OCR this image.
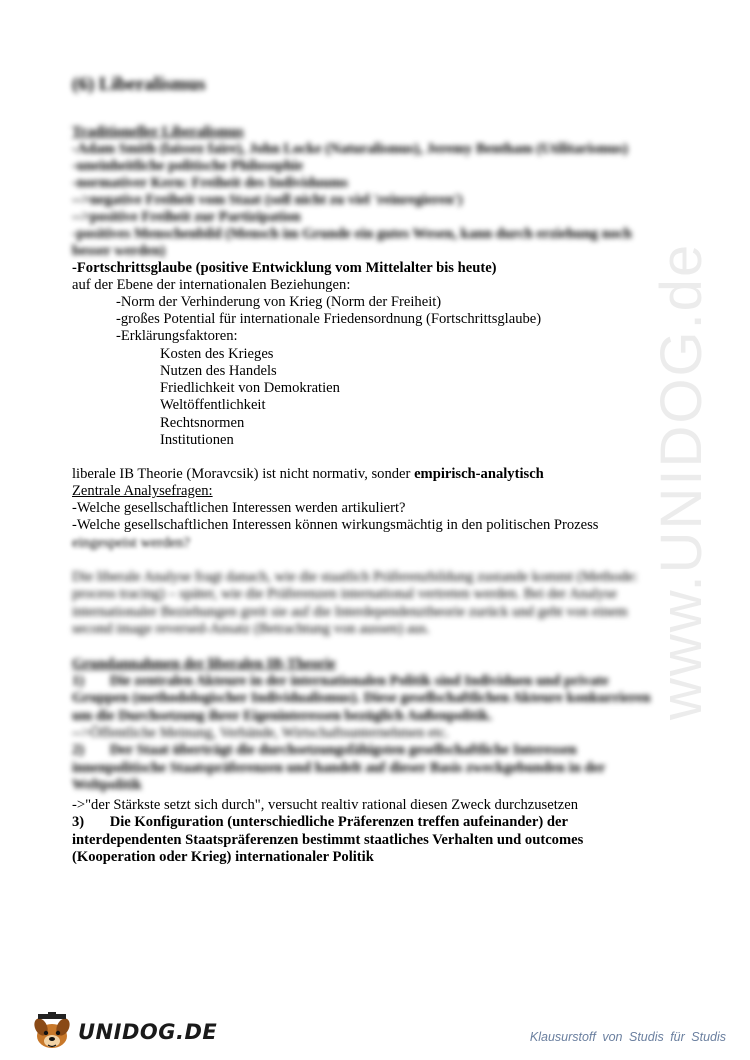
www.UNIDOG.de
(6) Liberalismus
Traditioneller Liberalismus
-Adam Smith (laissez faire), John Locke (Naturalismus), Jeremy Bentham (Utilitarismus)
-uneinheitliche politische Philosophie
-normativer Kern: Freiheit des Individuums
-->negative Freiheit vom Staat (soll nicht zu viel 'reinregieren')
-->positive Freiheit zur Partizipation
-positives Menschenbild (Mensch im Grunde ein gutes Wesen, kann durch erziehung noch
besser werden)
-Fortschrittsglaube (positive Entwicklung vom Mittelalter bis heute)
auf der Ebene der internationalen Beziehungen:
-Norm der Verhinderung von Krieg (Norm der Freiheit)
-großes Potential für internationale Friedensordnung (Fortschrittsglaube)
-Erklärungsfaktoren:
Kosten des Krieges
Nutzen des Handels
Friedlichkeit von Demokratien
Weltöffentlichkeit
Rechtsnormen
Institutionen
liberale IB Theorie (Moravcsik) ist nicht normativ, sonder empirisch-analytisch
Zentrale Analysefragen:
-Welche gesellschaftlichen Interessen werden artikuliert?
-Welche gesellschaftlichen Interessen können wirkungsmächtig in den politischen Prozess
eingespeist werden?
Die liberale Analyse fragt danach, wie die staatlich Präferenzbildung zustande kommt (Methode:
process tracing) – später, wie die Präferenzen international vertreten werden. Bei der Analyse
internationaler Beziehungen greit sie auf die Interdependenztheorie zurück und geht von einem
second image reversed-Ansatz (Betrachtung von aussen) aus.
Grundannahmen der liberalen IB-Theorie
1)       Die zentralen Akteure in der internationalen Politik sind Individuen und private
Gruppen (methodologischer Individualismus). Diese gesellschaftlichen Akteure konkurrieren
um die Durchsetzung ihrer Eigeninteressen bezüglich Außenpolitik.
-->Öffentliche Meinung, Verbände, Wirtschaftsunternehmen etc.
2)       Der Staat überträgt die durchsetzungsfähigsten gesellschaftliche Interessen
innenpolitische Staatspräferenzen und handelt auf dieser Basis zweckgebunden in der
Weltpolitik
->"der Stärkste setzt sich durch", versucht realtiv rational diesen Zweck durchzusetzen
3)       Die Konfiguration (unterschiedliche Präferenzen treffen aufeinander) der
interdependenten Staatspräferenzen bestimmt staatliches Verhalten und outcomes
(Kooperation oder Krieg) internationaler Politik
UNIDOG.DE	Klausurstoff von Studis für Studis
